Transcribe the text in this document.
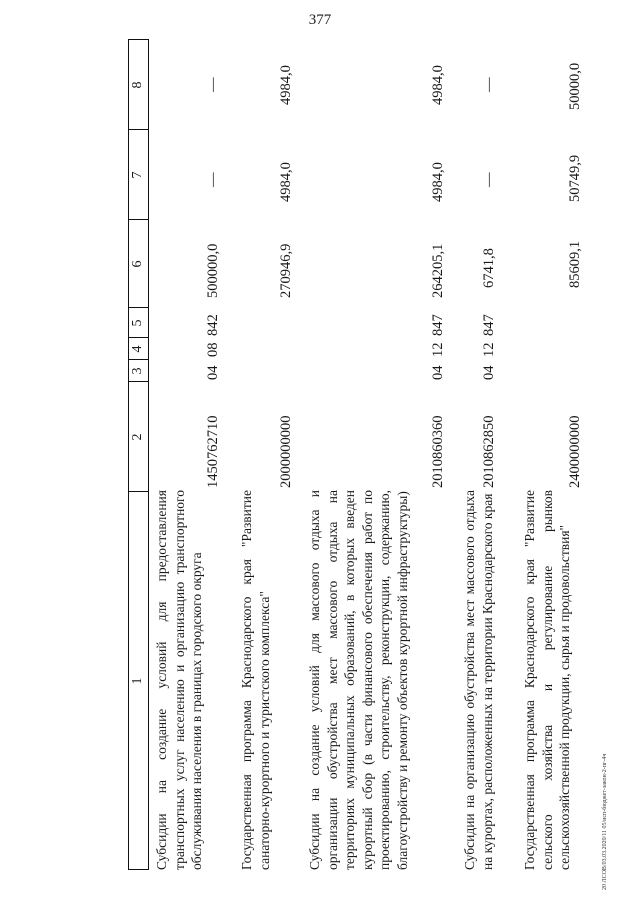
377
20 ЛСОВ/03.03.2020/11 05/исп-бюджет-закон-2-пг-4ч
1
2
3
4
5
6
7
8
Субсидии на создание условий для предоставления транспортных услуг населению и организацию транспортного обслуживания населения в границах городского округа
1450762710
04
08
842
500000,0
—
—
Государственная программа Краснодарского края "Развитие санаторно-курортного и туристского комплекса"
2000000000
270946,9
4984,0
4984,0
Субсидии на создание условий для массового отдыха и организации обустройства мест массового отдыха на территориях муниципальных образований, в которых введен курортный сбор (в части финансового обеспечения работ по проектированию, строительству, реконструкции, содержанию, благоустройству и ремонту объектов курортной инфраструктуры)
2010860360
04
12
847
264205,1
4984,0
4984,0
Субсидии на организацию обустройства мест массового отдыха на курортах, расположенных на территории Краснодарского края
2010862850
04
12
847
6741,8
—
—
Государственная программа Краснодарского края "Развитие сельского хозяйства и регулирование рынков сельскохозяйственной продукции, сырья и продовольствия"
2400000000
85609,1
50749,9
50000,0
